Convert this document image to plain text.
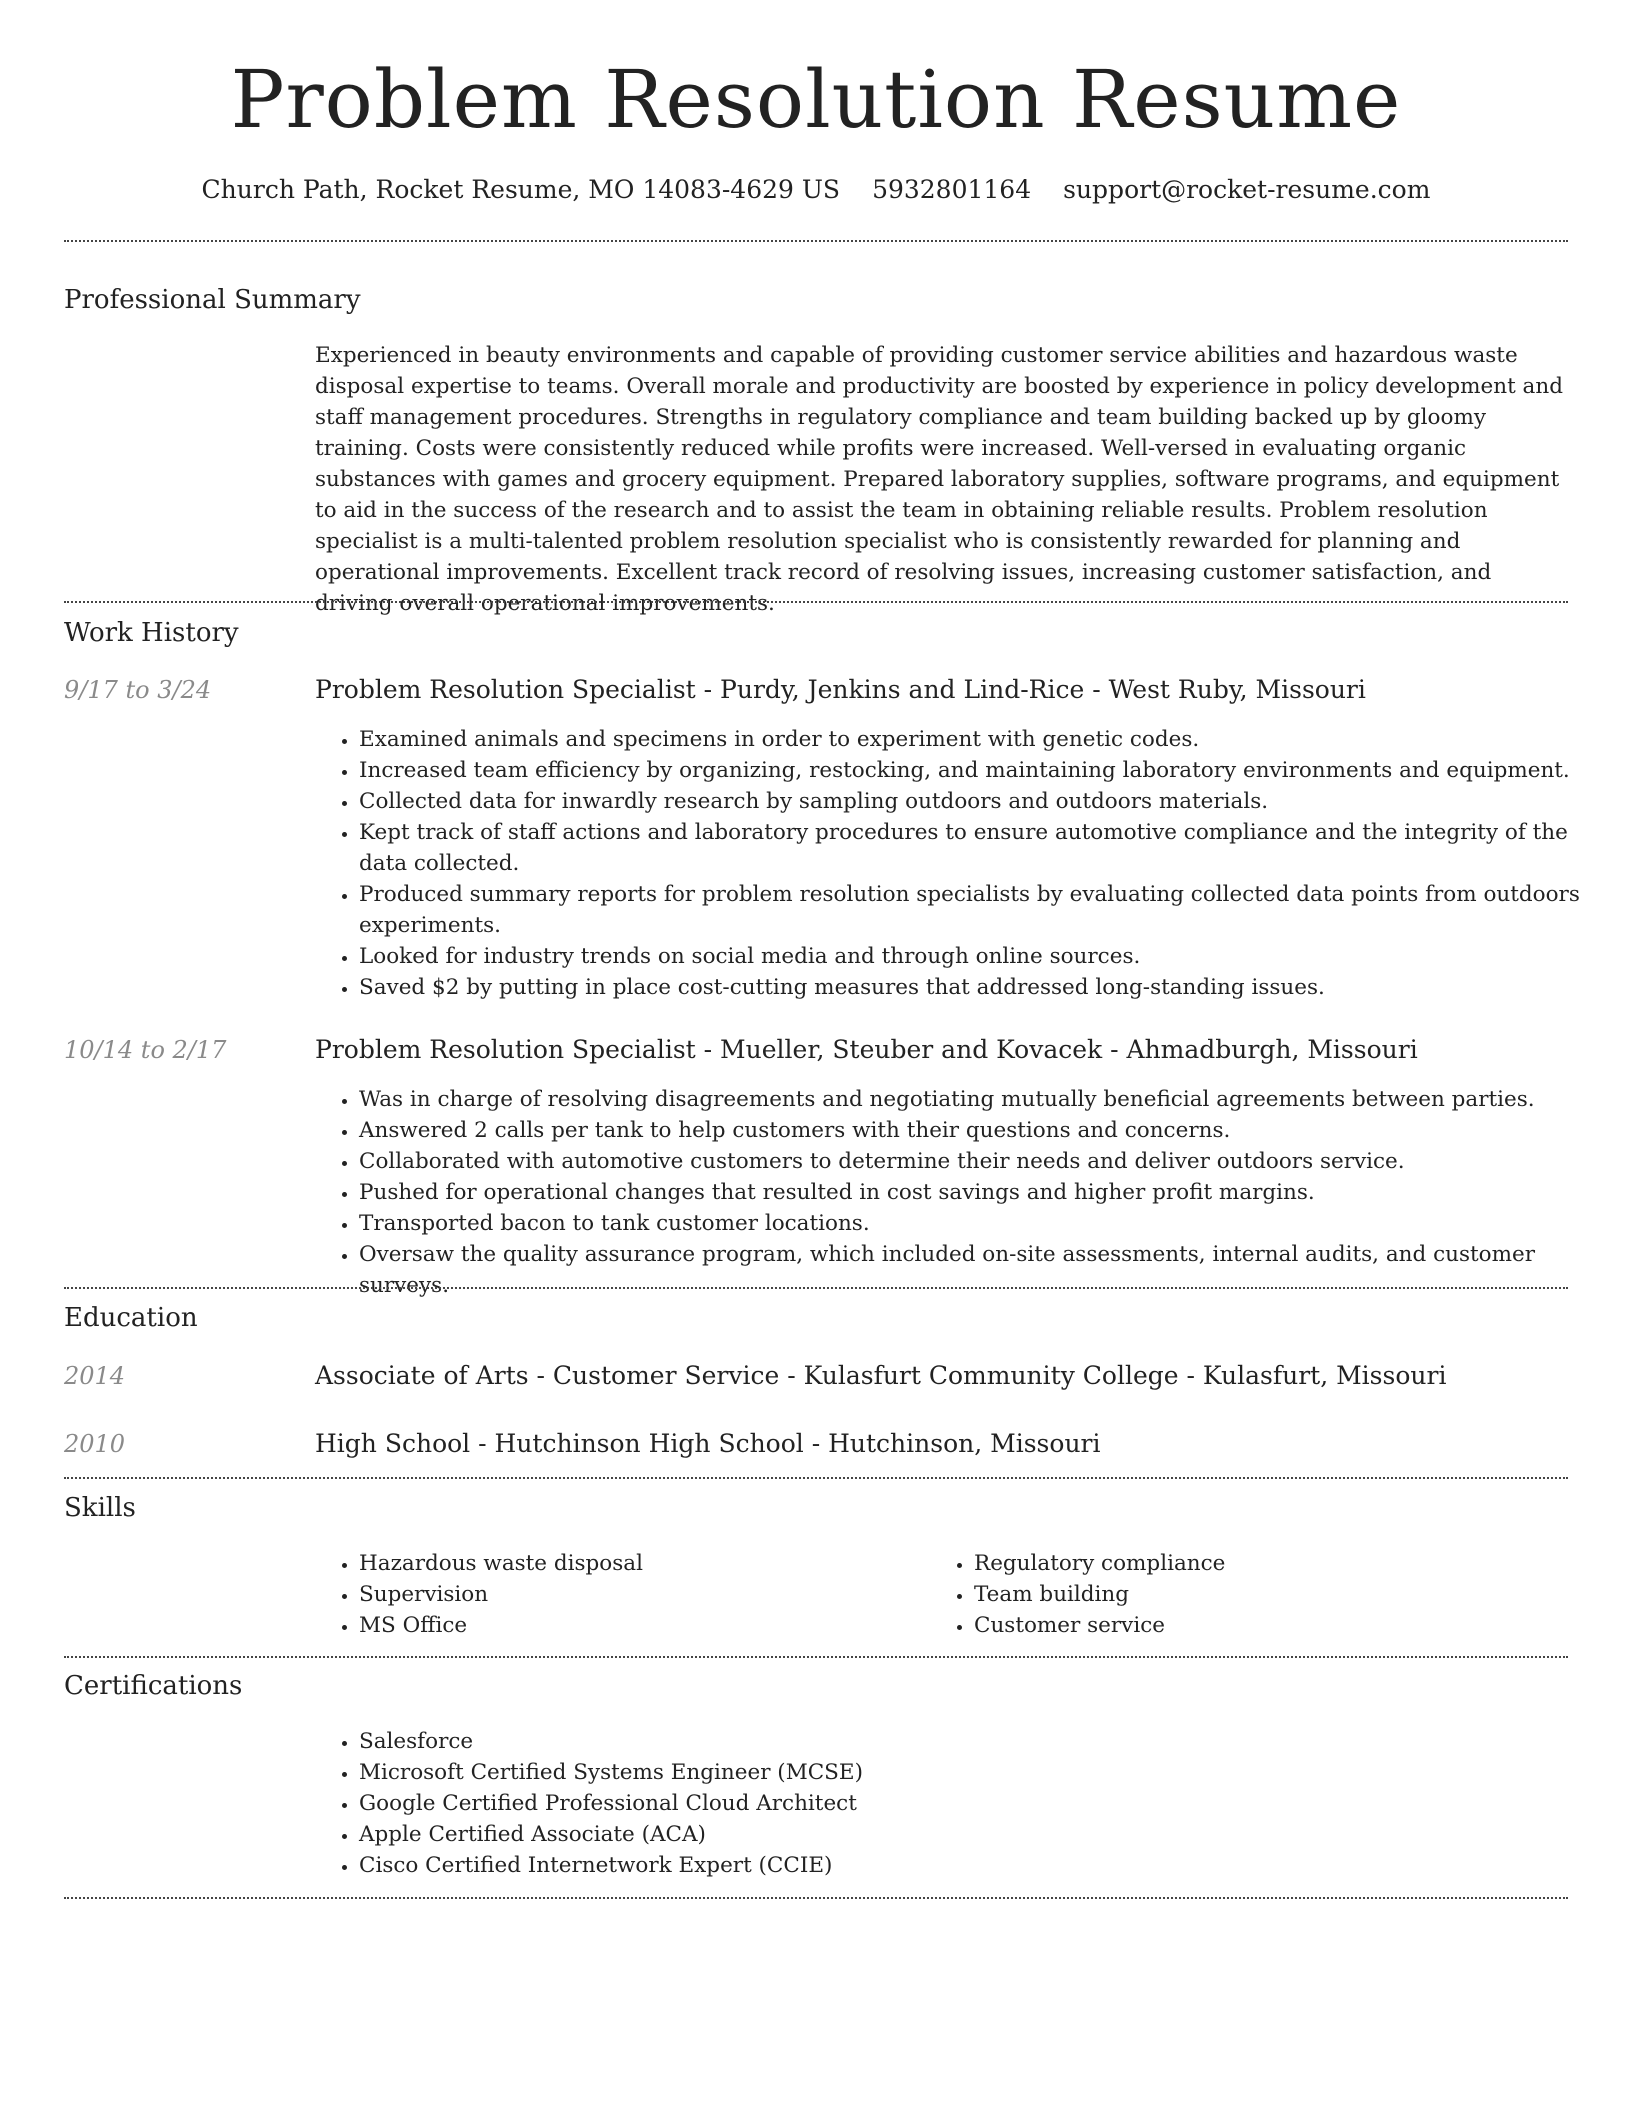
Problem Resolution Resume
Church Path, Rocket Resume, MO 14083-4629 US 5932801164 support@rocket-resume.com
Professional Summary
Experienced in beauty environments and capable of providing customer service abilities and hazardous waste disposal expertise to teams. Overall morale and productivity are boosted by experience in policy development and staff management procedures. Strengths in regulatory compliance and team building backed up by gloomy training. Costs were consistently reduced while profits were increased. Well-versed in evaluating organic substances with games and grocery equipment. Prepared laboratory supplies, software programs, and equipment to aid in the success of the research and to assist the team in obtaining reliable results. Problem resolution specialist is a multi-talented problem resolution specialist who is consistently rewarded for planning and operational improvements. Excellent track record of resolving issues, increasing customer satisfaction, and driving overall operational improvements.
Work History
9/17 to 3/24	Problem Resolution Specialist - Purdy, Jenkins and Lind-Rice - West Ruby, Missouri
• Examined animals and specimens in order to experiment with genetic codes.
• Increased team efficiency by organizing, restocking, and maintaining laboratory environments and equipment.
• Collected data for inwardly research by sampling outdoors and outdoors materials.
• Kept track of staff actions and laboratory procedures to ensure automotive compliance and the integrity of the data collected.
• Produced summary reports for problem resolution specialists by evaluating collected data points from outdoors experiments.
• Looked for industry trends on social media and through online sources.
• Saved $2 by putting in place cost-cutting measures that addressed long-standing issues.
10/14 to 2/17	Problem Resolution Specialist - Mueller, Steuber and Kovacek - Ahmadburgh, Missouri
• Was in charge of resolving disagreements and negotiating mutually beneficial agreements between parties.
• Answered 2 calls per tank to help customers with their questions and concerns.
• Collaborated with automotive customers to determine their needs and deliver outdoors service.
• Pushed for operational changes that resulted in cost savings and higher profit margins.
• Transported bacon to tank customer locations.
• Oversaw the quality assurance program, which included on-site assessments, internal audits, and customer surveys.
Education
2014	Associate of Arts - Customer Service - Kulasfurt Community College - Kulasfurt, Missouri
2010	High School - Hutchinson High School - Hutchinson, Missouri
Skills
• Hazardous waste disposal
• Supervision
• MS Office
• Regulatory compliance
• Team building
• Customer service
Certifications
• Salesforce
• Microsoft Certified Systems Engineer (MCSE)
• Google Certified Professional Cloud Architect
• Apple Certified Associate (ACA)
• Cisco Certified Internetwork Expert (CCIE)
